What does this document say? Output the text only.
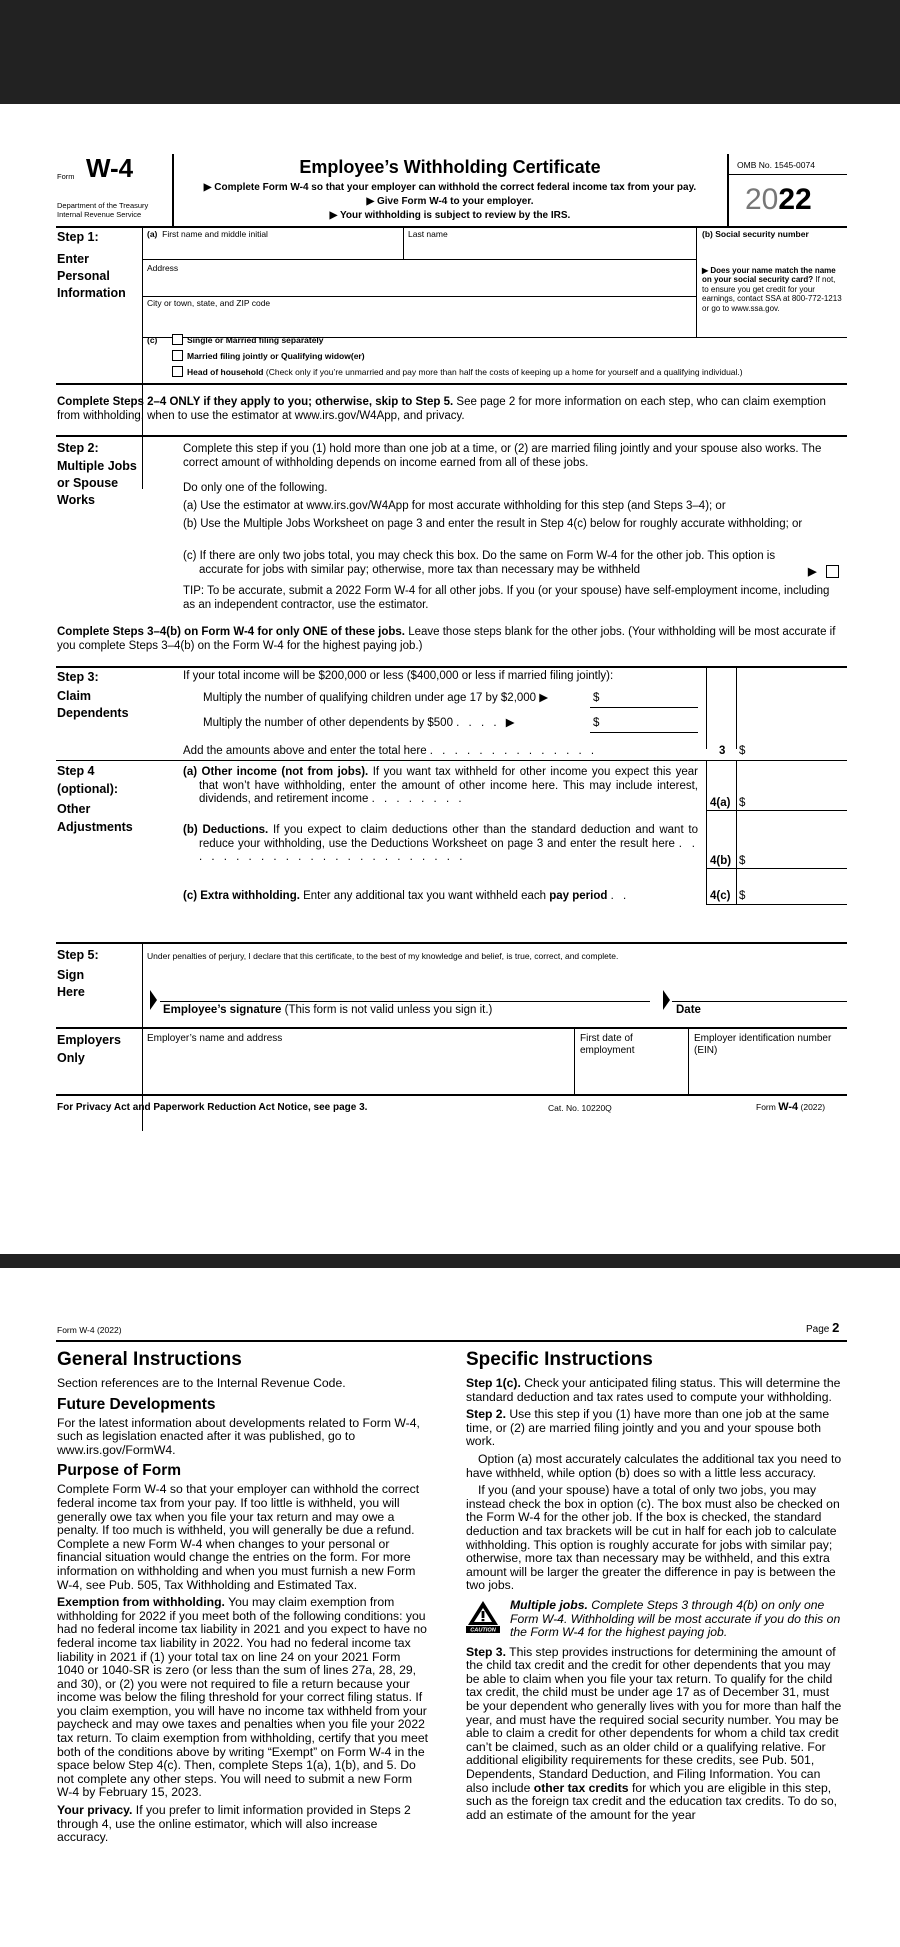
Form W-4
Department of the Treasury
Internal Revenue Service
Employee’s Withholding Certificate
▶ Complete Form W-4 so that your employer can withhold the correct federal income tax from your pay.
▶ Give Form W-4 to your employer.
▶ Your withholding is subject to review by the IRS.
OMB No. 1545-0074
2022
Step 1:
Enter
Personal
Information
(a) First name and middle initial	Last name	(b) Social security number
Address
City or town, state, and ZIP code
▶ Does your name match the name on your social security card? If not, to ensure you get credit for your earnings, contact SSA at 800-772-1213 or go to www.ssa.gov.
(c)	Single or Married filing separately
Married filing jointly or Qualifying widow(er)
Head of household (Check only if you’re unmarried and pay more than half the costs of keeping up a home for yourself and a qualifying individual.)
Complete Steps 2–4 ONLY if they apply to you; otherwise, skip to Step 5. See page 2 for more information on each step, who can claim exemption from withholding, when to use the estimator at www.irs.gov/W4App, and privacy.
Step 2:
Multiple Jobs
or Spouse
Works
Complete this step if you (1) hold more than one job at a time, or (2) are married filing jointly and your spouse also works. The correct amount of withholding depends on income earned from all of these jobs.
Do only one of the following.
(a) Use the estimator at www.irs.gov/W4App for most accurate withholding for this step (and Steps 3–4); or
(b) Use the Multiple Jobs Worksheet on page 3 and enter the result in Step 4(c) below for roughly accurate withholding; or
(c) If there are only two jobs total, you may check this box. Do the same on Form W-4 for the other job. This option is accurate for jobs with similar pay; otherwise, more tax than necessary may be withheld	▶
TIP: To be accurate, submit a 2022 Form W-4 for all other jobs. If you (or your spouse) have self-employment income, including as an independent contractor, use the estimator.
Complete Steps 3–4(b) on Form W-4 for only ONE of these jobs. Leave those steps blank for the other jobs. (Your withholding will be most accurate if you complete Steps 3–4(b) on the Form W-4 for the highest paying job.)
Step 3:
Claim
Dependents
If your total income will be $200,000 or less ($400,000 or less if married filing jointly):
Multiply the number of qualifying children under age 17 by $2,000 ▶	$
Multiply the number of other dependents by $500 . . . . ▶	$
Add the amounts above and enter the total here . . . . . . . . . . . . . .	3 $
Step 4
(optional):
Other
Adjustments
(a) Other income (not from jobs). If you want tax withheld for other income you expect this year that won’t have withholding, enter the amount of other income here. This may include interest, dividends, and retirement income . . . . . . . .	4(a) $
(b) Deductions. If you expect to claim deductions other than the standard deduction and want to reduce your withholding, use the Deductions Worksheet on page 3 and enter the result here . . . . . . . . . . . . . . . . . . . . . . . .	4(b) $
(c) Extra withholding. Enter any additional tax you want withheld each pay period . .	4(c) $
Step 5:
Sign
Here
Under penalties of perjury, I declare that this certificate, to the best of my knowledge and belief, is true, correct, and complete.
Employee’s signature (This form is not valid unless you sign it.)	Date
Employers
Only
Employer’s name and address	First date of employment
Employer identification number (EIN)
For Privacy Act and Paperwork Reduction Act Notice, see page 3.	Cat. No. 10220Q	Form W-4 (2022)
Form W-4 (2022)	Page 2
General Instructions
Section references are to the Internal Revenue Code.
Future Developments
For the latest information about developments related to Form W-4, such as legislation enacted after it was published, go to www.irs.gov/FormW4.
Purpose of Form
Complete Form W-4 so that your employer can withhold the correct federal income tax from your pay. If too little is withheld, you will generally owe tax when you file your tax return and may owe a penalty. If too much is withheld, you will generally be due a refund. Complete a new Form W-4 when changes to your personal or financial situation would change the entries on the form. For more information on withholding and when you must furnish a new Form W-4, see Pub. 505, Tax Withholding and Estimated Tax.
Exemption from withholding. You may claim exemption from withholding for 2022 if you meet both of the following conditions: you had no federal income tax liability in 2021 and you expect to have no federal income tax liability in 2022. You had no federal income tax liability in 2021 if (1) your total tax on line 24 on your 2021 Form 1040 or 1040-SR is zero (or less than the sum of lines 27a, 28, 29, and 30), or (2) you were not required to file a return because your income was below the filing threshold for your correct filing status. If you claim exemption, you will have no income tax withheld from your paycheck and may owe taxes and penalties when you file your 2022 tax return. To claim exemption from withholding, certify that you meet both of the conditions above by writing “Exempt” on Form W-4 in the space below Step 4(c). Then, complete Steps 1(a), 1(b), and 5. Do not complete any other steps. You will need to submit a new Form W-4 by February 15, 2023.
Your privacy. If you prefer to limit information provided in Steps 2 through 4, use the online estimator, which will also increase accuracy.
Specific Instructions
Step 1(c). Check your anticipated filing status. This will determine the standard deduction and tax rates used to compute your withholding.
Step 2. Use this step if you (1) have more than one job at the same time, or (2) are married filing jointly and you and your spouse both work.
Option (a) most accurately calculates the additional tax you need to have withheld, while option (b) does so with a little less accuracy.
If you (and your spouse) have a total of only two jobs, you may instead check the box in option (c). The box must also be checked on the Form W-4 for the other job. If the box is checked, the standard deduction and tax brackets will be cut in half for each job to calculate withholding. This option is roughly accurate for jobs with similar pay; otherwise, more tax than necessary may be withheld, and this extra amount will be larger the greater the difference in pay is between the two jobs.
CAUTION
Multiple jobs. Complete Steps 3 through 4(b) on only one Form W-4. Withholding will be most accurate if you do this on the Form W-4 for the highest paying job.
Step 3. This step provides instructions for determining the amount of the child tax credit and the credit for other dependents that you may be able to claim when you file your tax return. To qualify for the child tax credit, the child must be under age 17 as of December 31, must be your dependent who generally lives with you for more than half the year, and must have the required social security number. You may be able to claim a credit for other dependents for whom a child tax credit can’t be claimed, such as an older child or a qualifying relative. For additional eligibility requirements for these credits, see Pub. 501, Dependents, Standard Deduction, and Filing Information. You can also include other tax credits for which you are eligible in this step, such as the foreign tax credit and the education tax credits. To do so, add an estimate of the amount for the year
